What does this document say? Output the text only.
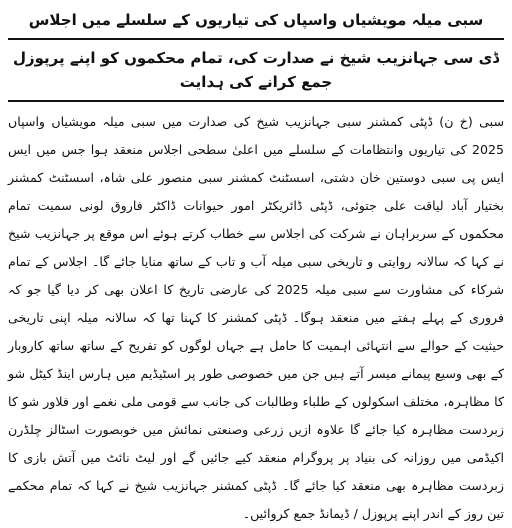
سبی میلہ مویشیاں واسپاں کی تیاریوں کے سلسلے میں اجلاس
ڈی سی جہانزیب شیخ نے صدارت کی، تمام محکموں کو اپنے پرپوزل جمع کرانے کی ہدایت

سبی (خ ن) ڈپٹی کمشنر سبی جہانزیب شیخ کی صدارت میں سبی میلہ مویشیاں واسپاں 2025 کی تیاریوں وانتظامات کے سلسلے میں اعلیٰ سطحی اجلاس منعقد ہوا جس میں ایس ایس پی سبی دوستین خان دشتی، اسسٹنٹ کمشنر سبی منصور علی شاہ، اسسٹنٹ کمشنر بختیار آباد لیاقت علی جتوئی، ڈپٹی ڈائریکٹر امور حیوانات ڈاکٹر فاروق لونی سمیت تمام محکموں کے سربراہان نے شرکت کی اجلاس سے خطاب کرتے ہوئے اس موقع پر جہانزیب شیخ نے کہا کہ سالانہ روایتی و تاریخی سبی میلہ آب و تاب کے ساتھ منایا جائے گا۔ اجلاس کے تمام شرکاء کی مشاورت سے سبی میلہ 2025 کی عارضی تاریخ کا اعلان بھی کر دیا گیا جو کہ فروری کے پہلے ہفتے میں منعقد ہوگا۔ ڈپٹی کمشنر کا کہنا تھا کہ سالانہ میلہ اپنی تاریخی حیثیت کے حوالے سے انتہائی اہمیت کا حامل ہے جہاں لوگوں کو تفریح کے ساتھ ساتھ کاروبار کے بھی وسیع پیمانے میسر آتے ہیں جن میں خصوصی طور پر اسٹیڈیم میں ہارس اینڈ کیٹل شو کا مظاہرہ، مختلف اسکولوں کے طلباء وطالبات کی جانب سے قومی ملی نغمے اور فلاور شو کا زبردست مظاہرہ کیا جائے گا علاوہ ازیں زرعی وصنعتی نمائش میں خوبصورت اسٹالز چلڈرن اکیڈمی میں روزانہ کی بنیاد پر پروگرام منعقد کیے جائیں گے اور لیٹ نائٹ میں آتش بازی کا زبردست مظاہرہ بھی منعقد کیا جائے گا۔ ڈپٹی کمشنر جہانزیب شیخ نے کہا کہ تمام محکمے تین روز کے اندر اپنے پرپوزل / ڈیمانڈ جمع کروائیں۔
